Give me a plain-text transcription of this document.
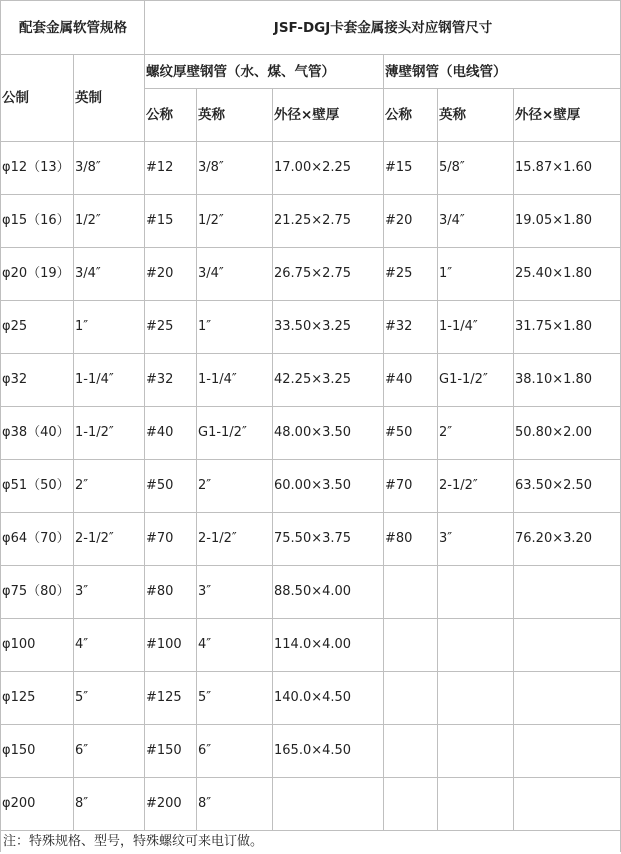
配套金属软管规格		JSF-DGJ卡套金属接头对应钢管尺寸					
公制	英制	螺纹厚壁钢管（水、煤、气管）			薄壁钢管（电线管）		
		公称	英称	外径×壁厚	公称	英称	外径×壁厚
φ12（13）	3/8″	#12	3/8″	17.00×2.25	#15	5/8″	15.87×1.60
φ15（16）	1/2″	#15	1/2″	21.25×2.75	#20	3/4″	19.05×1.80
φ20（19）	3/4″	#20	3/4″	26.75×2.75	#25	1″	25.40×1.80
φ25	1″	#25	1″	33.50×3.25	#32	1-1/4″	31.75×1.80
φ32	1-1/4″	#32	1-1/4″	42.25×3.25	#40	G1-1/2″	38.10×1.80
φ38（40）	1-1/2″	#40	G1-1/2″	48.00×3.50	#50	2″	50.80×2.00
φ51（50）	2″	#50	2″	60.00×3.50	#70	2-1/2″	63.50×2.50
φ64（70）	2-1/2″	#70	2-1/2″	75.50×3.75	#80	3″	76.20×3.20
φ75（80）	3″	#80	3″	88.50×4.00			
φ100	4″	#100	4″	114.0×4.00			
φ125	5″	#125	5″	140.0×4.50			
φ150	6″	#150	6″	165.0×4.50			
φ200	8″	#200	8″				
注：特殊规格、型号，特殊螺纹可来电订做。							
